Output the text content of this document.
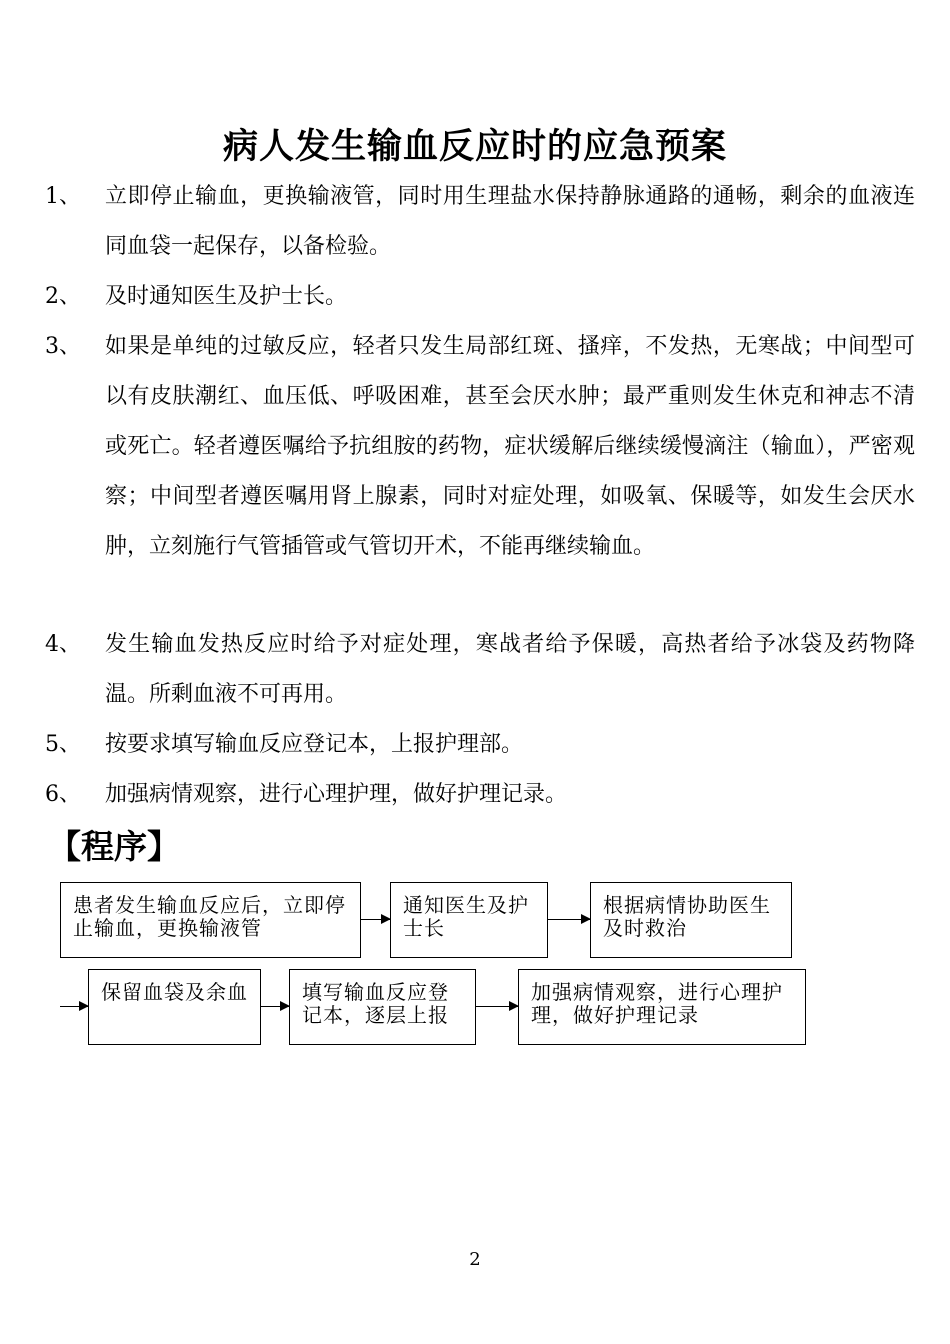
病人发生输血反应时的应急预案
1、 立即停止输血，更换输液管，同时用生理盐水保持静脉通路的通畅，剩余的血液连同血袋一起保存，以备检验。
2、 及时通知医生及护士长。
3、 如果是单纯的过敏反应，轻者只发生局部红斑、搔痒，不发热，无寒战；中间型可以有皮肤潮红、血压低、呼吸困难，甚至会厌水肿；最严重则发生休克和神志不清或死亡。轻者遵医嘱给予抗组胺的药物，症状缓解后继续缓慢滴注（输血），严密观察；中间型者遵医嘱用肾上腺素，同时对症处理，如吸氧、保暖等，如发生会厌水肿，立刻施行气管插管或气管切开术，不能再继续输血。
4、 发生输血发热反应时给予对症处理，寒战者给予保暖，高热者给予冰袋及药物降温。所剩血液不可再用。
5、 按要求填写输血反应登记本，上报护理部。
6、 加强病情观察，进行心理护理，做好护理记录。
【程序】
患者发生输血反应后，立即停止输血，更换输液管
通知医生及护士长
根据病情协助医生及时救治
保留血袋及余血	填写输血反应登记本，逐层上报
加强病情观察，进行心理护理，做好护理记录
2
